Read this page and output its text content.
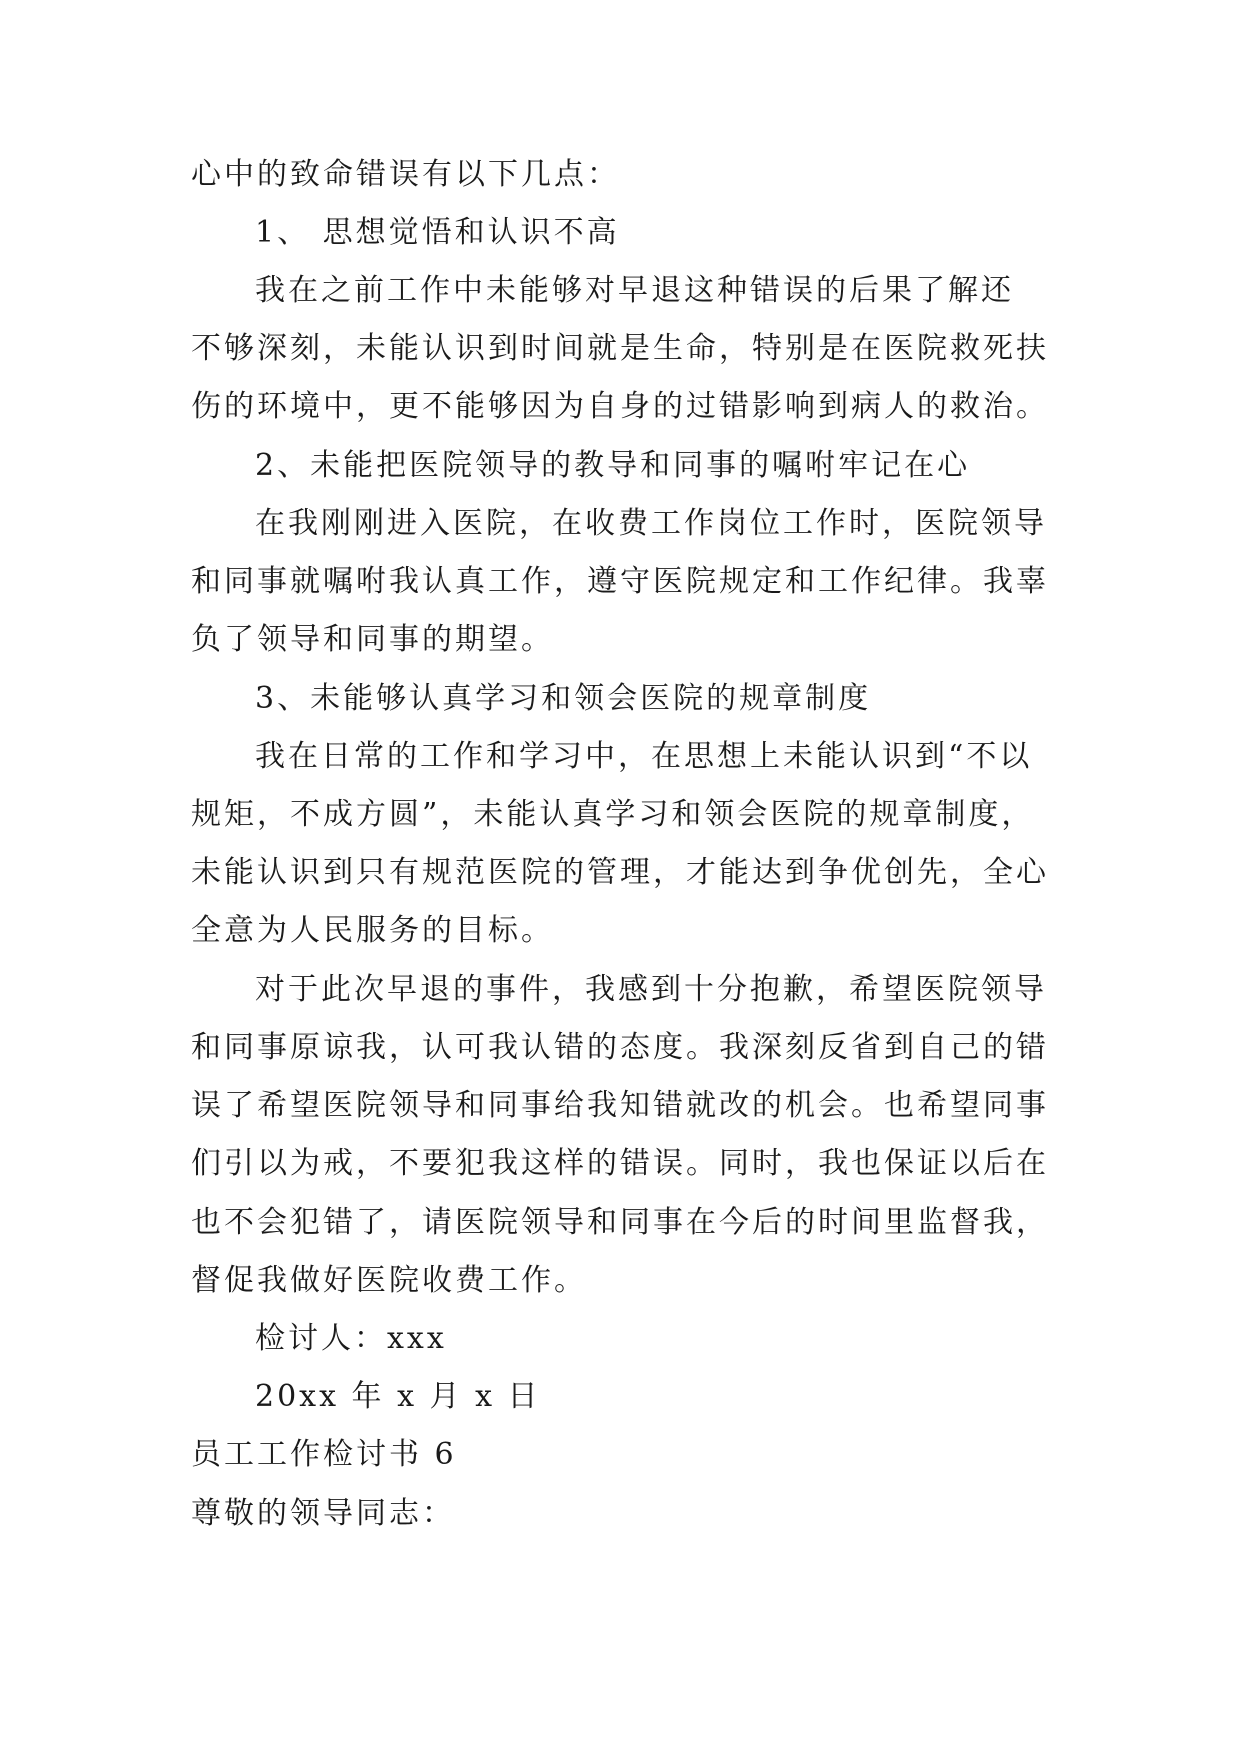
心中的致命错误有以下几点：
1、 思想觉悟和认识不高
我在之前工作中未能够对早退这种错误的后果了解还
不够深刻，未能认识到时间就是生命，特别是在医院救死扶
伤的环境中，更不能够因为自身的过错影响到病人的救治。
2、未能把医院领导的教导和同事的嘱咐牢记在心
在我刚刚进入医院，在收费工作岗位工作时，医院领导
和同事就嘱咐我认真工作，遵守医院规定和工作纪律。我辜
负了领导和同事的期望。
3、未能够认真学习和领会医院的规章制度
我在日常的工作和学习中，在思想上未能认识到“不以
规矩，不成方圆”，未能认真学习和领会医院的规章制度，
未能认识到只有规范医院的管理，才能达到争优创先，全心
全意为人民服务的目标。
对于此次早退的事件，我感到十分抱歉，希望医院领导
和同事原谅我，认可我认错的态度。我深刻反省到自己的错
误了希望医院领导和同事给我知错就改的机会。也希望同事
们引以为戒，不要犯我这样的错误。同时，我也保证以后在
也不会犯错了，请医院领导和同事在今后的时间里监督我，
督促我做好医院收费工作。
检讨人：xxx
20xx 年 x 月 x 日
员工工作检讨书 6
尊敬的领导同志：
